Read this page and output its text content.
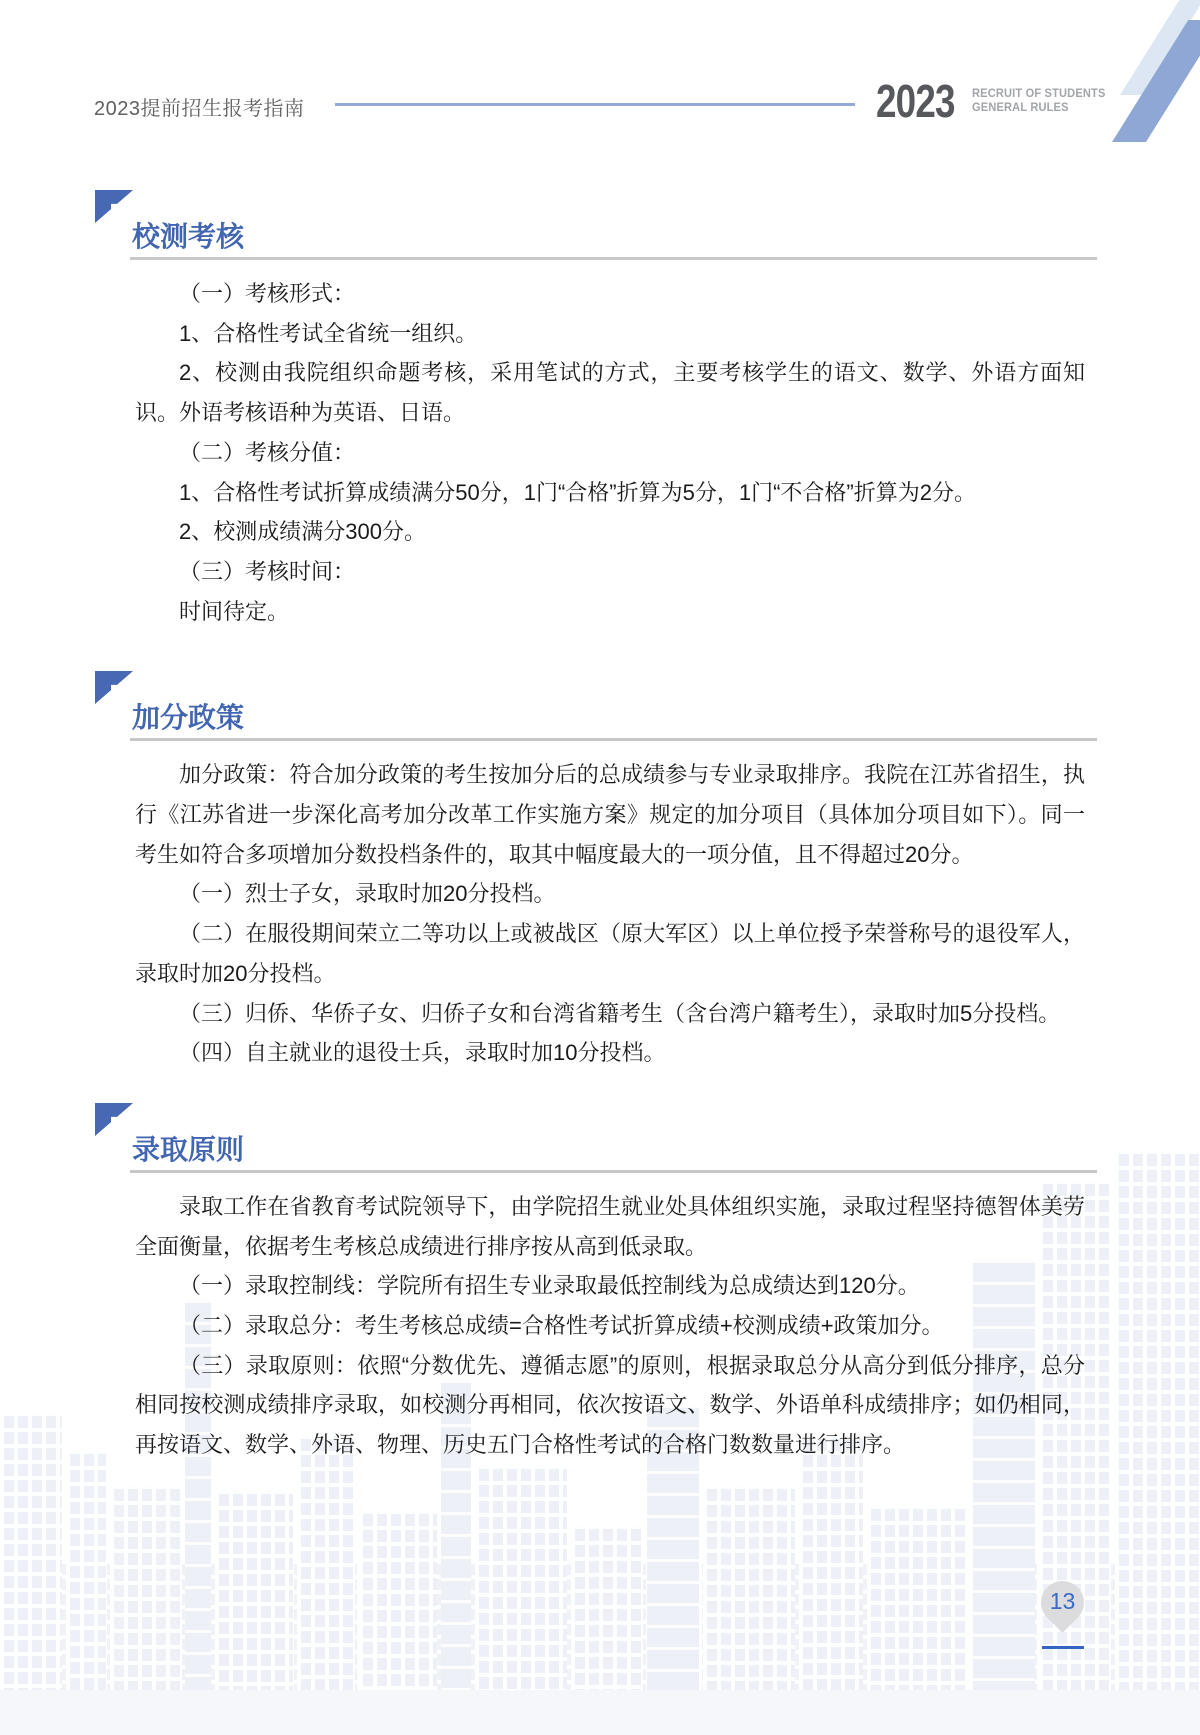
2023提前招生报考指南	2023 RECRUIT OF STUDENTS
GENERAL RULES
校测考核

（一）考核形式：

1、合格性考试全省统一组织。

2、校测由我院组织命题考核，采用笔试的方式，主要考核学生的语文、数学、外语方面知识。外语考核语种为英语、日语。

（二）考核分值：

1、合格性考试折算成绩满分50分，1门“合格”折算为5分，1门“不合格”折算为2分。

2、校测成绩满分300分。

（三）考核时间：

时间待定。

加分政策

加分政策：符合加分政策的考生按加分后的总成绩参与专业录取排序。我院在江苏省招生，执行《江苏省进一步深化高考加分改革工作实施方案》规定的加分项目（具体加分项目如下）。同一考生如符合多项增加分数投档条件的，取其中幅度最大的一项分值，且不得超过20分。

（一）烈士子女，录取时加20分投档。

（二）在服役期间荣立二等功以上或被战区（原大军区）以上单位授予荣誉称号的退役军人，录取时加20分投档。

（三）归侨、华侨子女、归侨子女和台湾省籍考生（含台湾户籍考生），录取时加5分投档。

（四）自主就业的退役士兵，录取时加10分投档。

录取原则

录取工作在省教育考试院领导下，由学院招生就业处具体组织实施，录取过程坚持德智体美劳全面衡量，依据考生考核总成绩进行排序按从高到低录取。

（一）录取控制线：学院所有招生专业录取最低控制线为总成绩达到120分。

（二）录取总分：考生考核总成绩=合格性考试折算成绩+校测成绩+政策加分。

（三）录取原则：依照“分数优先、遵循志愿”的原则，根据录取总分从高分到低分排序，总分相同按校测成绩排序录取，如校测分再相同，依次按语文、数学、外语单科成绩排序；如仍相同，再按语文、数学、外语、物理、历史五门合格性考试的合格门数数量进行排序。

13
